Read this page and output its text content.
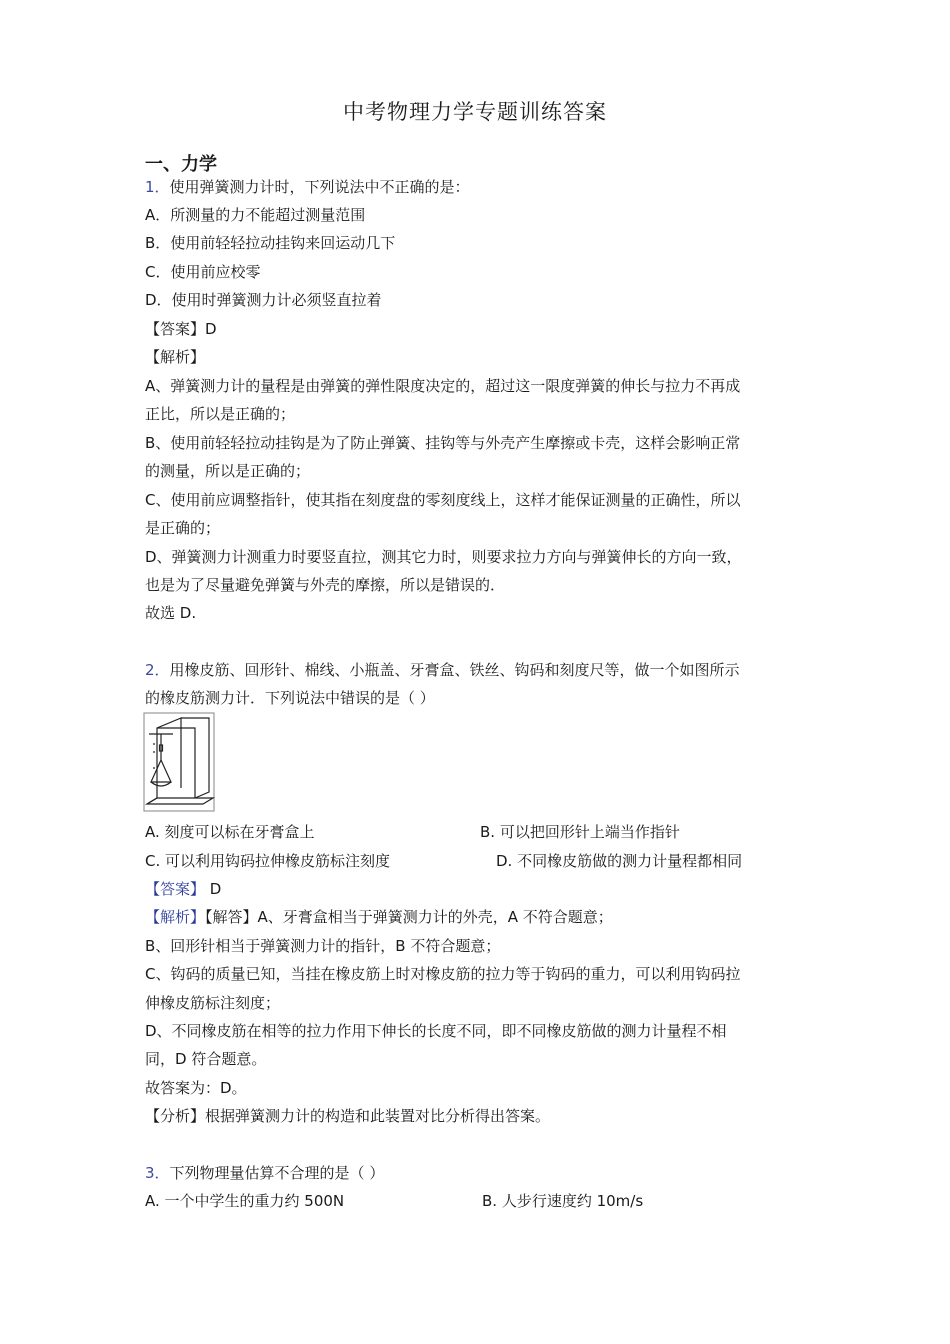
中考物理力学专题训练答案
一、力学
1．使用弹簧测力计时，下列说法中不正确的是：
A．所测量的力不能超过测量范围
B．使用前轻轻拉动挂钩来回运动几下
C．使用前应校零
D．使用时弹簧测力计必须竖直拉着
【答案】D
【解析】
A、弹簧测力计的量程是由弹簧的弹性限度决定的，超过这一限度弹簧的伸长与拉力不再成
正比，所以是正确的；
B、使用前轻轻拉动挂钩是为了防止弹簧、挂钩等与外壳产生摩擦或卡壳，这样会影响正常
的测量，所以是正确的；
C、使用前应调整指针，使其指在刻度盘的零刻度线上，这样才能保证测量的正确性，所以
是正确的；
D、弹簧测力计测重力时要竖直拉，测其它力时，则要求拉力方向与弹簧伸长的方向一致，
也是为了尽量避免弹簧与外壳的摩擦，所以是错误的．
故选 D.
2．用橡皮筋、回形针、棉线、小瓶盖、牙膏盒、铁丝、钩码和刻度尺等，做一个如图所示
的橡皮筋测力计．下列说法中错误的是（ ）
A. 刻度可以标在牙膏盒上	B. 可以把回形针上端当作指针
C. 可以利用钩码拉伸橡皮筋标注刻度	D. 不同橡皮筋做的测力计量程都相同
【答案】 D
【解析】【解答】A、牙膏盒相当于弹簧测力计的外壳，A 不符合题意；
B、回形针相当于弹簧测力计的指针，B 不符合题意；
C、钩码的质量已知，当挂在橡皮筋上时对橡皮筋的拉力等于钩码的重力，可以利用钩码拉
伸橡皮筋标注刻度；
D、不同橡皮筋在相等的拉力作用下伸长的长度不同，即不同橡皮筋做的测力计量程不相
同，D 符合题意。
故答案为：D。
【分析】根据弹簧测力计的构造和此装置对比分析得出答案。
3．下列物理量估算不合理的是（ ）
A. 一个中学生的重力约 500N	B. 人步行速度约 10m/s
